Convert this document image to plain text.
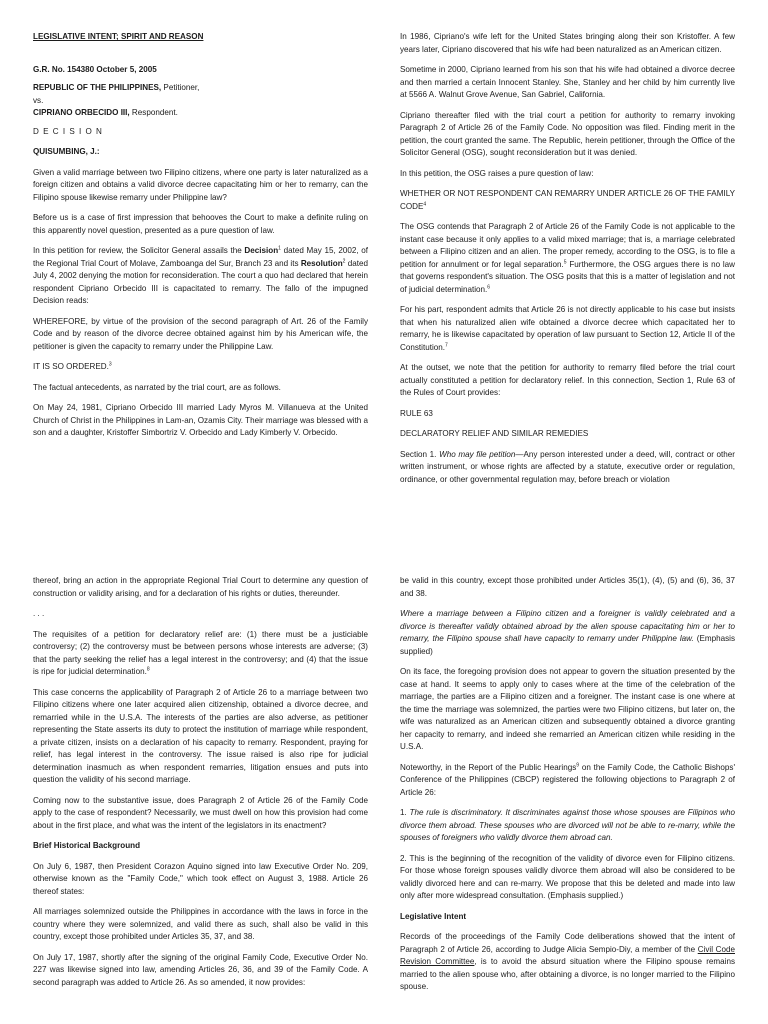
LEGISLATIVE INTENT; SPIRIT AND REASON

G.R. No. 154380 October 5, 2005

REPUBLIC OF THE PHILIPPINES, Petitioner,

vs.

CIPRIANO ORBECIDO III, Respondent.

D E C I S I O N

QUISUMBING, J.:

Given a valid marriage between two Filipino citizens, where one party is later naturalized as a foreign citizen and obtains a valid divorce decree capacitating him or her to remarry, can the Filipino spouse likewise remarry under Philippine law?

Before us is a case of first impression that behooves the Court to make a definite ruling on this apparently novel question, presented as a pure question of law.

In this petition for review, the Solicitor General assails the Decision$^1$ dated May 15, 2002, of the Regional Trial Court of Molave, Zamboanga del Sur, Branch 23 and its Resolution$^2$ dated July 4, 2002 denying the motion for reconsideration. The court a quo had declared that herein respondent Cipriano Orbecido III is capacitated to remarry. The fallo of the impugned Decision reads:

WHEREFORE, by virtue of the provision of the second paragraph of Art. 26 of the Family Code and by reason of the divorce decree obtained against him by his American wife, the petitioner is given the capacity to remarry under the Philippine Law.

IT IS SO ORDERED.$^3$

The factual antecedents, as narrated by the trial court, are as follows.

On May 24, 1981, Cipriano Orbecido III married Lady Myros M. Villanueva at the United Church of Christ in the Philippines in Lam-an, Ozamis City. Their marriage was blessed with a son and a daughter, Kristoffer Simbortriz V. Orbecido and Lady Kimberly V. Orbecido.

In 1986, Cipriano's wife left for the United States bringing along their son Kristoffer. A few years later, Cipriano discovered that his wife had been naturalized as an American citizen.

Sometime in 2000, Cipriano learned from his son that his wife had obtained a divorce decree and then married a certain Innocent Stanley. She, Stanley and her child by him currently live at 5566 A. Walnut Grove Avenue, San Gabriel, California.

Cipriano thereafter filed with the trial court a petition for authority to remarry invoking Paragraph 2 of Article 26 of the Family Code. No opposition was filed. Finding merit in the petition, the court granted the same. The Republic, herein petitioner, through the Office of the Solicitor General (OSG), sought reconsideration but it was denied.

In this petition, the OSG raises a pure question of law:

WHETHER OR NOT RESPONDENT CAN REMARRY UNDER ARTICLE 26 OF THE FAMILY CODE$^4$

The OSG contends that Paragraph 2 of Article 26 of the Family Code is not applicable to the instant case because it only applies to a valid mixed marriage; that is, a marriage celebrated between a Filipino citizen and an alien. The proper remedy, according to the OSG, is to file a petition for annulment or for legal separation.$^5$ Furthermore, the OSG argues there is no law that governs respondent's situation. The OSG posits that this is a matter of legislation and not of judicial determination.$^6$

For his part, respondent admits that Article 26 is not directly applicable to his case but insists that when his naturalized alien wife obtained a divorce decree which capacitated her to remarry, he is likewise capacitated by operation of law pursuant to Section 12, Article II of the Constitution.$^7$

At the outset, we note that the petition for authority to remarry filed before the trial court actually constituted a petition for declaratory relief. In this connection, Section 1, Rule 63 of the Rules of Court provides:

RULE 63

DECLARATORY RELIEF AND SIMILAR REMEDIES

Section 1. Who may file petition—Any person interested under a deed, will, contract or other written instrument, or whose rights are affected by a statute, executive order or regulation, ordinance, or other governmental regulation may, before breach or violation

thereof, bring an action in the appropriate Regional Trial Court to determine any question of construction or validity arising, and for a declaration of his rights or duties, thereunder.

. . .

The requisites of a petition for declaratory relief are: (1) there must be a justiciable controversy; (2) the controversy must be between persons whose interests are adverse; (3) that the party seeking the relief has a legal interest in the controversy; and (4) that the issue is ripe for judicial determination.$^8$

This case concerns the applicability of Paragraph 2 of Article 26 to a marriage between two Filipino citizens where one later acquired alien citizenship, obtained a divorce decree, and remarried while in the U.S.A. The interests of the parties are also adverse, as petitioner representing the State asserts its duty to protect the institution of marriage while respondent, a private citizen, insists on a declaration of his capacity to remarry. Respondent, praying for relief, has legal interest in the controversy. The issue raised is also ripe for judicial determination inasmuch as when respondent remarries, litigation ensues and puts into question the validity of his second marriage.

Coming now to the substantive issue, does Paragraph 2 of Article 26 of the Family Code apply to the case of respondent? Necessarily, we must dwell on how this provision had come about in the first place, and what was the intent of the legislators in its enactment?

Brief Historical Background

On July 6, 1987, then President Corazon Aquino signed into law Executive Order No. 209, otherwise known as the "Family Code," which took effect on August 3, 1988. Article 26 thereof states:

All marriages solemnized outside the Philippines in accordance with the laws in force in the country where they were solemnized, and valid there as such, shall also be valid in this country, except those prohibited under Articles 35, 37, and 38.

On July 17, 1987, shortly after the signing of the original Family Code, Executive Order No. 227 was likewise signed into law, amending Articles 26, 36, and 39 of the Family Code. A second paragraph was added to Article 26. As so amended, it now provides:

be valid in this country, except those prohibited under Articles 35(1), (4), (5) and (6), 36, 37 and 38.

Where a marriage between a Filipino citizen and a foreigner is validly celebrated and a divorce is thereafter validly obtained abroad by the alien spouse capacitating him or her to remarry, the Filipino spouse shall have capacity to remarry under Philippine law. (Emphasis supplied)

On its face, the foregoing provision does not appear to govern the situation presented by the case at hand. It seems to apply only to cases where at the time of the celebration of the marriage, the parties are a Filipino citizen and a foreigner. The instant case is one where at the time the marriage was solemnized, the parties were two Filipino citizens, but later on, the wife was naturalized as an American citizen and subsequently obtained a divorce granting her capacity to remarry, and indeed she remarried an American citizen while residing in the U.S.A.

Noteworthy, in the Report of the Public Hearings$^9$ on the Family Code, the Catholic Bishops' Conference of the Philippines (CBCP) registered the following objections to Paragraph 2 of Article 26:

1. The rule is discriminatory. It discriminates against those whose spouses are Filipinos who divorce them abroad. These spouses who are divorced will not be able to re-marry, while the spouses of foreigners who validly divorce them abroad can.

2. This is the beginning of the recognition of the validity of divorce even for Filipino citizens. For those whose foreign spouses validly divorce them abroad will also be considered to be validly divorced here and can re-marry. We propose that this be deleted and made into law only after more widespread consultation. (Emphasis supplied.)

Legislative Intent

Records of the proceedings of the Family Code deliberations showed that the intent of Paragraph 2 of Article 26, according to Judge Alicia Sempio-Diy, a member of the Civil Code Revision Committee, is to avoid the absurd situation where the Filipino spouse remains married to the alien spouse who, after obtaining a divorce, is no longer married to the Filipino spouse.
